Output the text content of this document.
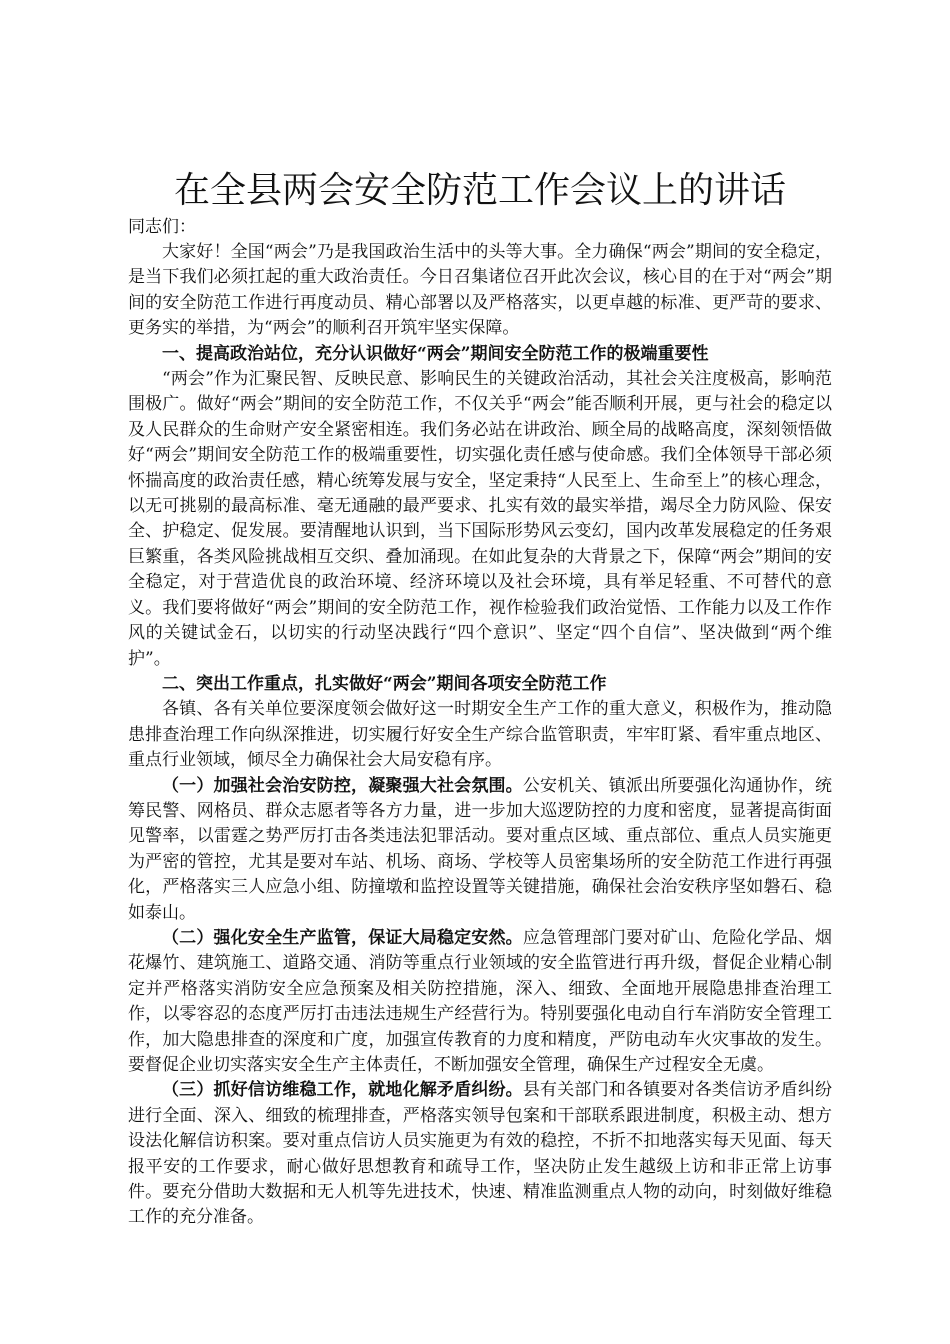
在全县两会安全防范工作会议上的讲话

同志们：

大家好！全国“两会”乃是我国政治生活中的头等大事。全力确保“两会”期间的安全稳定，是当下我们必须扛起的重大政治责任。今日召集诸位召开此次会议，核心目的在于对“两会”期间的安全防范工作进行再度动员、精心部署以及严格落实，以更卓越的标准、更严苛的要求、更务实的举措，为“两会”的顺利召开筑牢坚实保障。

一、提高政治站位，充分认识做好“两会”期间安全防范工作的极端重要性

“两会”作为汇聚民智、反映民意、影响民生的关键政治活动，其社会关注度极高，影响范围极广。做好“两会”期间的安全防范工作，不仅关乎“两会”能否顺利开展，更与社会的稳定以及人民群众的生命财产安全紧密相连。我们务必站在讲政治、顾全局的战略高度，深刻领悟做好“两会”期间安全防范工作的极端重要性，切实强化责任感与使命感。我们全体领导干部必须怀揣高度的政治责任感，精心统筹发展与安全，坚定秉持“人民至上、生命至上”的核心理念，以无可挑剔的最高标准、毫无通融的最严要求、扎实有效的最实举措，竭尽全力防风险、保安全、护稳定、促发展。要清醒地认识到，当下国际形势风云变幻，国内改革发展稳定的任务艰巨繁重，各类风险挑战相互交织、叠加涌现。在如此复杂的大背景之下，保障“两会”期间的安全稳定，对于营造优良的政治环境、经济环境以及社会环境，具有举足轻重、不可替代的意义。我们要将做好“两会”期间的安全防范工作，视作检验我们政治觉悟、工作能力以及工作作风的关键试金石，以切实的行动坚决践行“四个意识”、坚定“四个自信”、坚决做到“两个维护”。

二、突出工作重点，扎实做好“两会”期间各项安全防范工作

各镇、各有关单位要深度领会做好这一时期安全生产工作的重大意义，积极作为，推动隐患排查治理工作向纵深推进，切实履行好安全生产综合监管职责，牢牢盯紧、看牢重点地区、重点行业领域，倾尽全力确保社会大局安稳有序。

（一）加强社会治安防控，凝聚强大社会氛围。公安机关、镇派出所要强化沟通协作，统筹民警、网格员、群众志愿者等各方力量，进一步加大巡逻防控的力度和密度，显著提高街面见警率，以雷霆之势严厉打击各类违法犯罪活动。要对重点区域、重点部位、重点人员实施更为严密的管控，尤其是要对车站、机场、商场、学校等人员密集场所的安全防范工作进行再强化，严格落实三人应急小组、防撞墩和监控设置等关键措施，确保社会治安秩序坚如磐石、稳如泰山。

（二）强化安全生产监管，保证大局稳定安然。应急管理部门要对矿山、危险化学品、烟花爆竹、建筑施工、道路交通、消防等重点行业领域的安全监管进行再升级，督促企业精心制定并严格落实消防安全应急预案及相关防控措施，深入、细致、全面地开展隐患排查治理工作，以零容忍的态度严厉打击违法违规生产经营行为。特别要强化电动自行车消防安全管理工作，加大隐患排查的深度和广度，加强宣传教育的力度和精度，严防电动车火灾事故的发生。要督促企业切实落实安全生产主体责任，不断加强安全管理，确保生产过程安全无虞。

（三）抓好信访维稳工作，就地化解矛盾纠纷。县有关部门和各镇要对各类信访矛盾纠纷进行全面、深入、细致的梳理排查，严格落实领导包案和干部联系跟进制度，积极主动、想方设法化解信访积案。要对重点信访人员实施更为有效的稳控，不折不扣地落实每天见面、每天报平安的工作要求，耐心做好思想教育和疏导工作，坚决防止发生越级上访和非正常上访事件。要充分借助大数据和无人机等先进技术，快速、精准监测重点人物的动向，时刻做好维稳工作的充分准备。
